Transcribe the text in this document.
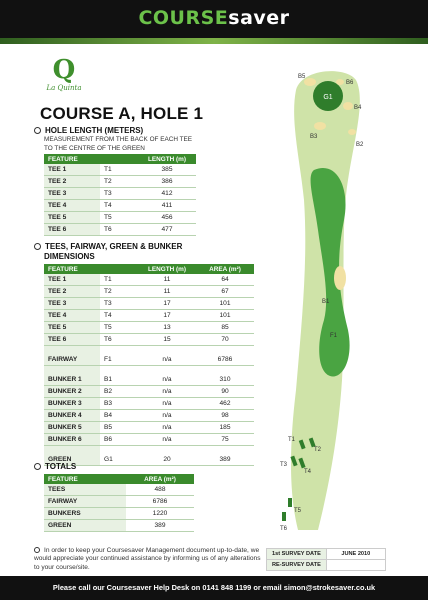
COURSEsaver
Q
La Quinta
COURSE A, HOLE 1
HOLE LENGTH (METERS)
MEASUREMENT FROM THE BACK OF EACH TEE
TO THE CENTRE OF THE GREEN
FEATURE		LENGTH (m)
TEE 1	T1	385
TEE 2	T2	386
TEE 3	T3	412
TEE 4	T4	411
TEE 5	T5	456
TEE 6	T6	477
TEES, FAIRWAY, GREEN & BUNKER
DIMENSIONS
FEATURE		LENGTH (m)	AREA (m²)
TEE 1	T1	11	64
TEE 2	T2	11	67
TEE 3	T3	17	101
TEE 4	T4	17	101
TEE 5	T5	13	85
TEE 6	T6	15	70
FAIRWAY	F1	n/a	6786
BUNKER 1	B1	n/a	310
BUNKER 2	B2	n/a	90
BUNKER 3	B3	n/a	462
BUNKER 4	B4	n/a	98
BUNKER 5	B5	n/a	185
BUNKER 6	B6	n/a	75
GREEN	G1	20	389
TOTALS
FEATURE	AREA (m²)
TEES	488
FAIRWAY	6786
BUNKERS	1220
GREEN	389
In order to keep your Coursesaver Management document up-to-date, we would appreciate your continued assistance by informing us of any alterations to your course/site.
1st SURVEY DATE	JUNE 2010
RE-SURVEY DATE	
G1
B5
B6
B4
B3
B2
B1
F1
T1
T2
T3
T4
T5
T6
Please call our Coursesaver Help Desk on 0141 848 1199 or email simon@strokesaver.co.uk
